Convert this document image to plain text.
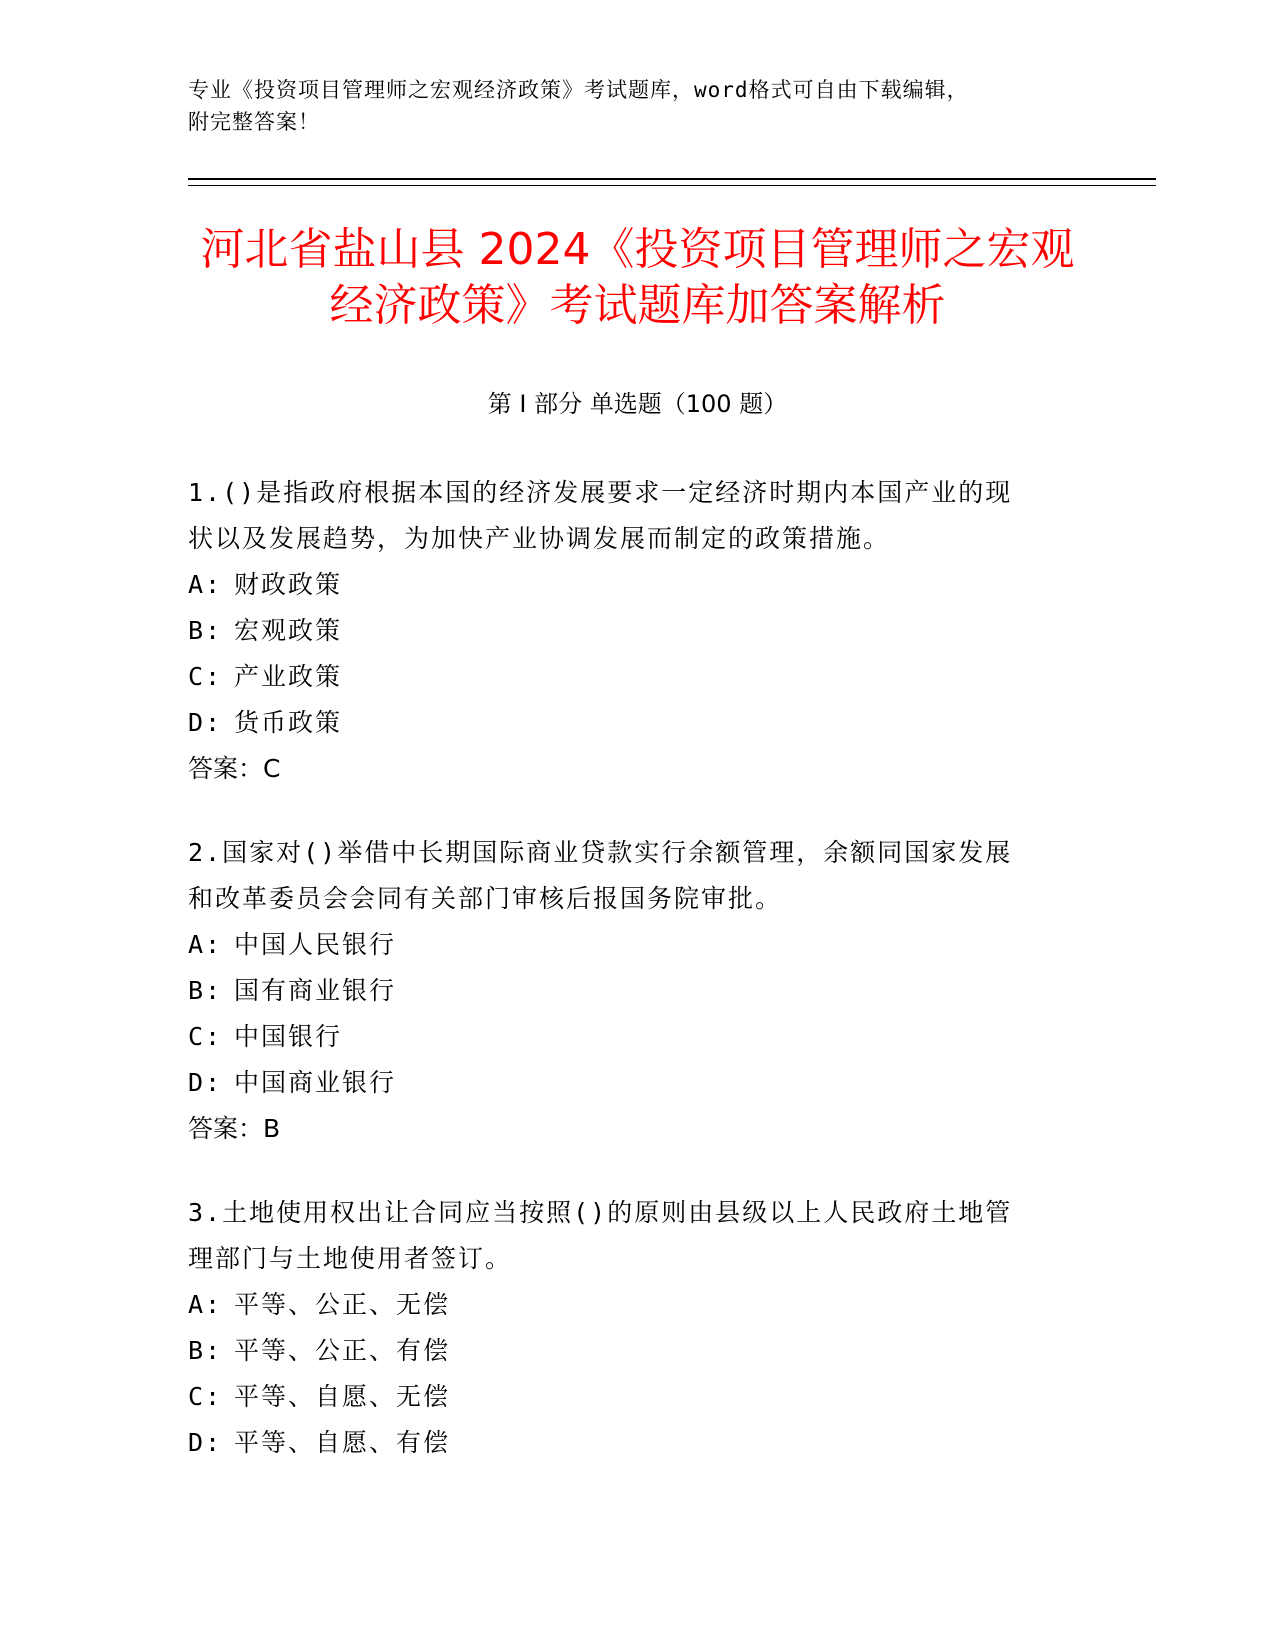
专业《投资项目管理师之宏观经济政策》考试题库，word格式可自由下载编辑，
附完整答案！
河北省盐山县 2024《投资项目管理师之宏观
经济政策》考试题库加答案解析
第 I 部分 单选题（100 题）

1.()是指政府根据本国的经济发展要求一定经济时期内本国产业的现
状以及发展趋势，为加快产业协调发展而制定的政策措施。

A: 财政政策

B: 宏观政策

C: 产业政策

D: 货币政策

答案：C

2.国家对()举借中长期国际商业贷款实行余额管理，余额同国家发展
和改革委员会会同有关部门审核后报国务院审批。

A: 中国人民银行

B: 国有商业银行

C: 中国银行

D: 中国商业银行

答案：B

3.土地使用权出让合同应当按照()的原则由县级以上人民政府土地管
理部门与土地使用者签订。

A: 平等、公正、无偿

B: 平等、公正、有偿

C: 平等、自愿、无偿

D: 平等、自愿、有偿
